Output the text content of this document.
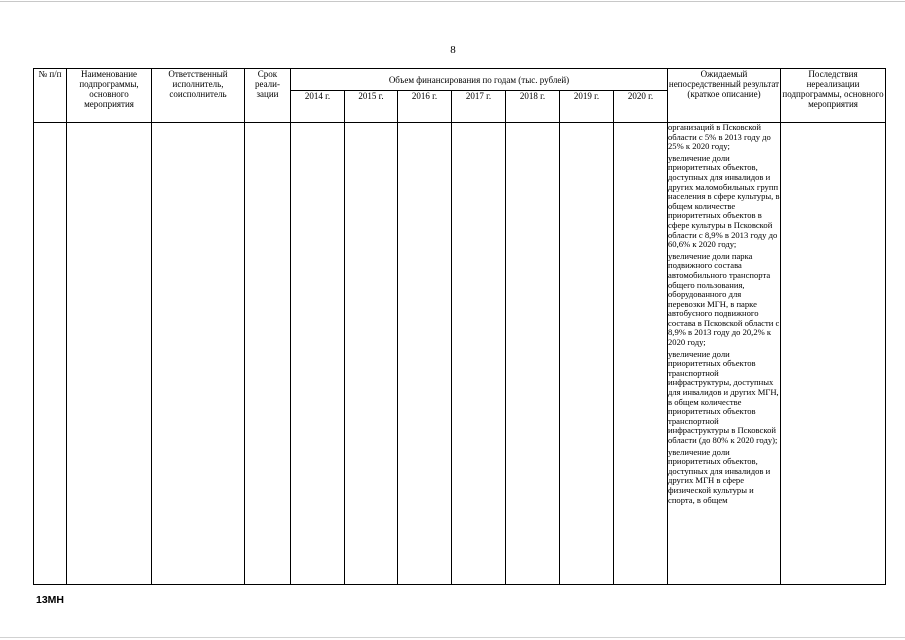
8
№ п/п	Наименование подпрограммы, основного мероприятия	Ответственный исполнитель, соисполнитель	Срок реали-зации	Объем финансирования по годам (тыс. рублей)							Ожидаемый непосредственный результат (краткое описание)	Последствия нереализации подпрограммы, основного мероприятия
				2014 г.	2015 г.	2016 г.	2017 г.	2018 г.	2019 г.	2020 г.		

											организаций в Псковской области с 5% в 2013 году до 25% к 2020 году;

увеличение доли приоритетных объектов, доступных для инвалидов и других маломобильных групп населения в сфере культуры, в общем количестве приоритетных объектов в сфере культуры в Псковской области с 8,9% в 2013 году до 60,6% к 2020 году;

увеличение доли парка подвижного состава автомобильного транспорта общего пользования, оборудованного для перевозки МГН, в парке автобусного подвижного состава в Псковской области с 8,9% в 2013 году до 20,2% к 2020 году;

увеличение доли приоритетных объектов транспортной инфраструктуры, доступных для инвалидов и других МГН, в общем количестве приоритетных объектов транспортной инфраструктуры в Псковской области (до 80% к 2020 году);

увеличение доли приоритетных объектов, доступных для инвалидов и других МГН в сфере физической культуры и спорта, в общем	

13МН
